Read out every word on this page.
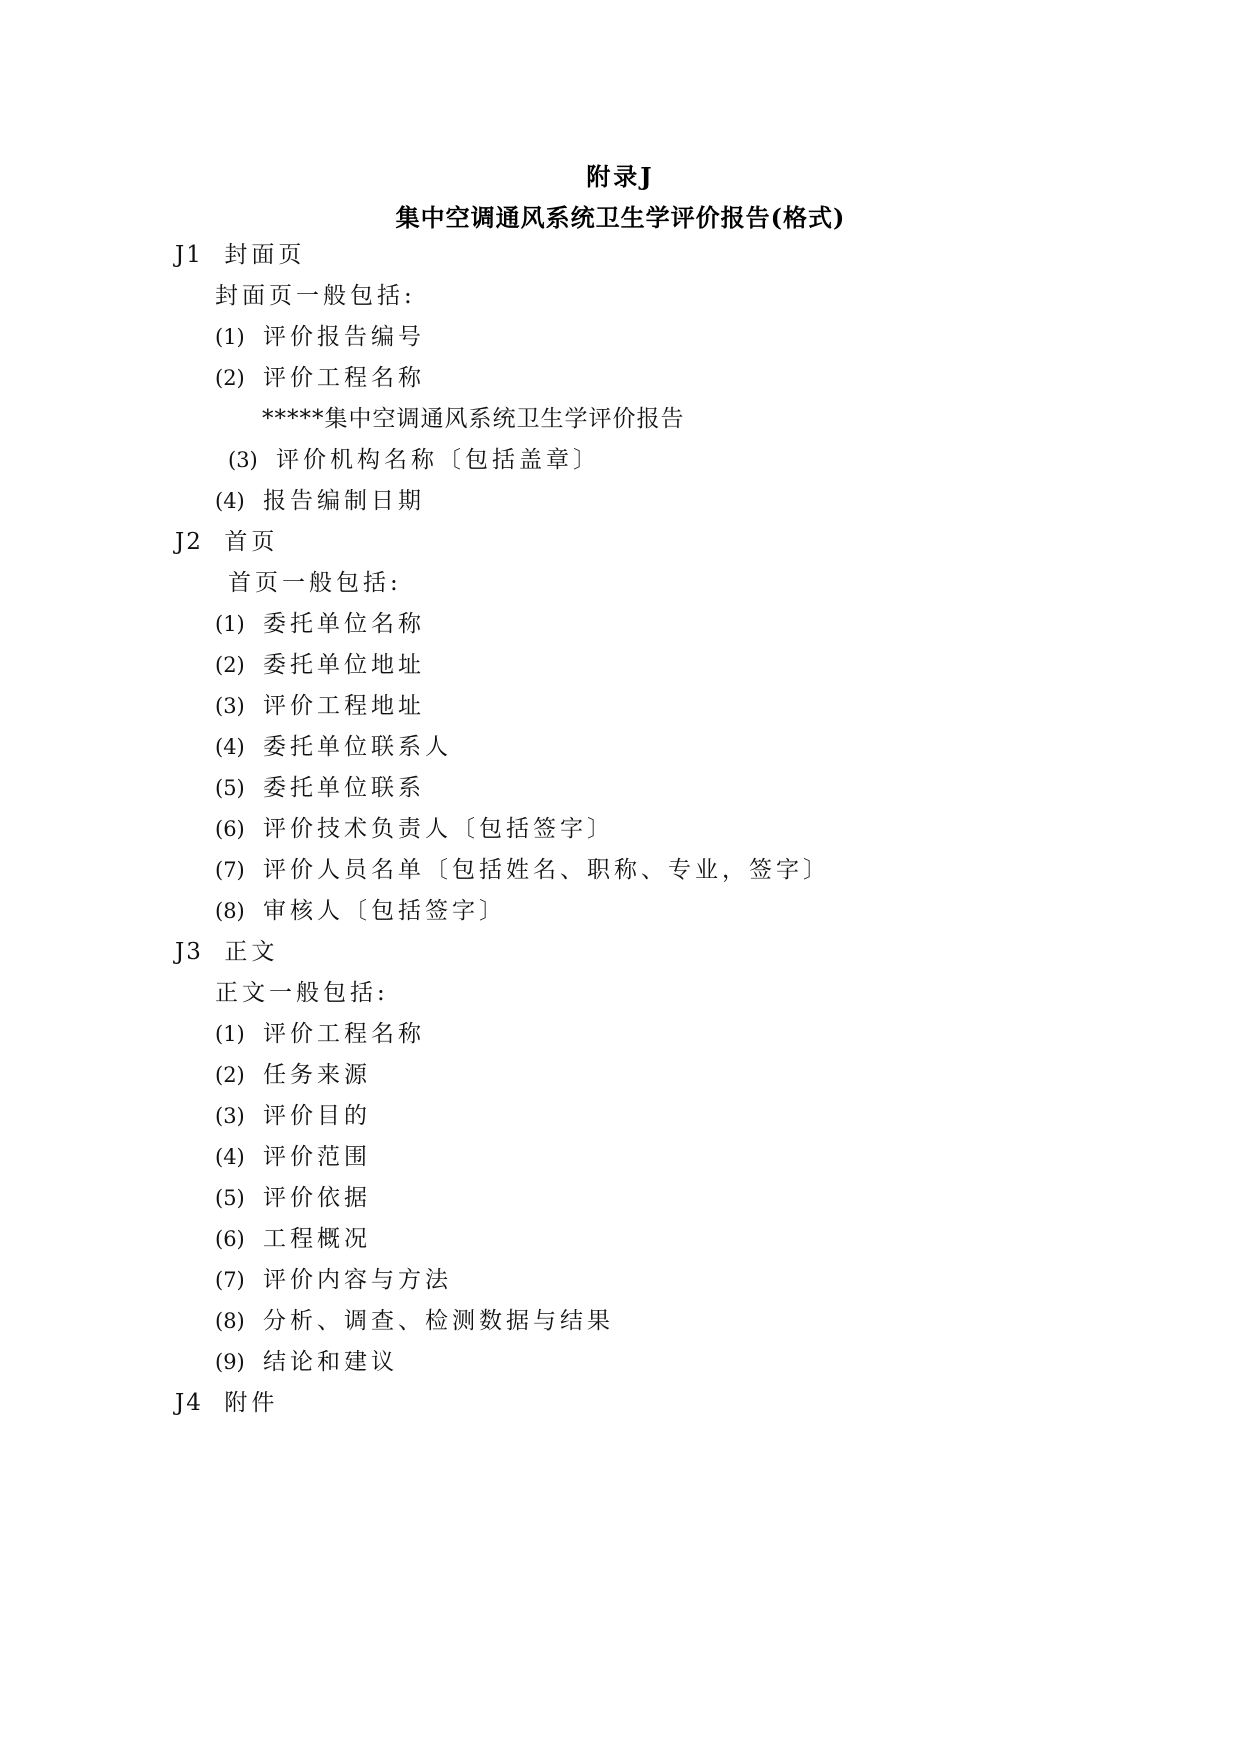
附录J
集中空调通风系统卫生学评价报告(格式)
J1 封面页
封面页一般包括:
(1) 评价报告编号
(2) 评价工程名称
*****集中空调通风系统卫生学评价报告
(3) 评价机构名称〔包括盖章〕
(4) 报告编制日期
J2 首页
首页一般包括:
(1) 委托单位名称
(2) 委托单位地址
(3) 评价工程地址
(4) 委托单位联系人
(5) 委托单位联系
(6) 评价技术负责人〔包括签字〕
(7) 评价人员名单〔包括姓名、职称、专业，签字〕
(8) 审核人〔包括签字〕
J3 正文
正文一般包括:
(1) 评价工程名称
(2) 任务来源
(3) 评价目的
(4) 评价范围
(5) 评价依据
(6) 工程概况
(7) 评价内容与方法
(8) 分析、调查、检测数据与结果
(9) 结论和建议
J4 附件
